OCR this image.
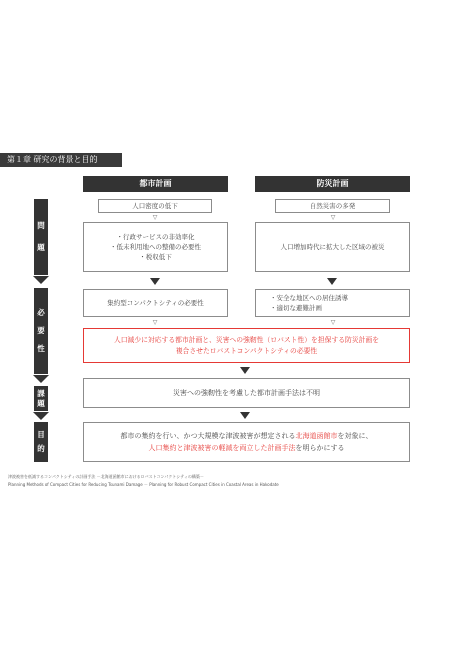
第１章 研究の背景と目的
都市計画	防災計画
問
題
必
要
性
課
題
目
的
人口密度の低下	自然災害の多発
▽	▽
・行政サービスの非効率化
・低未利用地への整備の必要性
・税収低下
人口増加時代に拡大した区域の被災
集約型コンパクトシティの必要性
・安全な地区への居住誘導
・適切な避難計画
▽	▽
人口減少に対応する都市計画と、災害への強靭性（ロバスト性）を担保する防災計画を
複合させたロバストコンパクトシティの必要性
災害への強靭性を考慮した都市計画手法は不明
都市の集約を行い、かつ大規模な津波被害が想定される北海道函館市を対象に、
人口集約と津波被害の軽減を両立した計画手法を明らかにする
津波被害を低減するコンパクトシティの計画手法 －北海道函館市におけるロバストコンパクトシティの構築－
Planning Methods of Compact Cities for Reducing Tsunami Damage － Planning for Robust Compact Cities in Coastal Areas in Hakodate
